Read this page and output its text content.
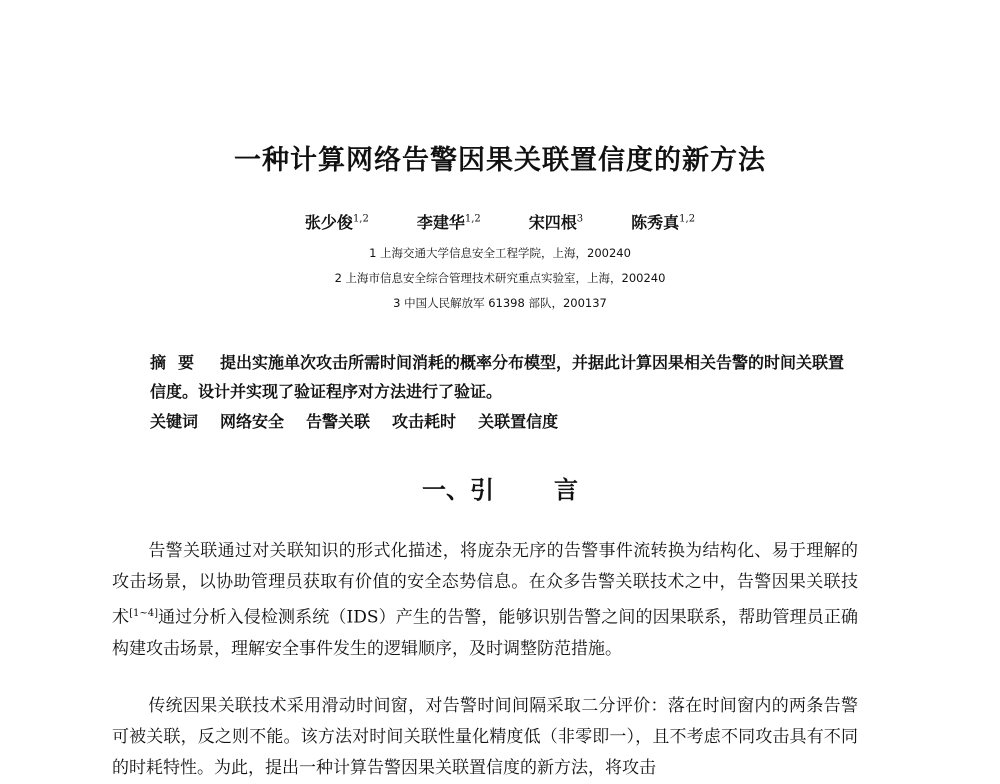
一种计算网络告警因果关联置信度的新方法
张少俊$^{1,2}$	李建华$^{1,2}$	宋四根$^3$	陈秀真$^{1,2}$
1 上海交通大学信息安全工程学院，上海，200240
2 上海市信息安全综合管理技术研究重点实验室，上海，200240
3 中国人民解放军 61398 部队，200137
摘要 提出实施单次攻击所需时间消耗的概率分布模型，并据此计算因果相关告警的时间关联置信度。设计并实现了验证程序对方法进行了验证。
关键词 网络安全 告警关联 攻击耗时 关联置信度
一、引	言
告警关联通过对关联知识的形式化描述，将庞杂无序的告警事件流转换为结构化、易于理解的攻击场景，以协助管理员获取有价值的安全态势信息。在众多告警关联技术之中，告警因果关联技术[1~4]通过分析入侵检测系统（IDS）产生的告警，能够识别告警之间的因果联系，帮助管理员正确构建攻击场景，理解安全事件发生的逻辑顺序，及时调整防范措施。
传统因果关联技术采用滑动时间窗，对告警时间间隔采取二分评价：落在时间窗内的两条告警可被关联，反之则不能。该方法对时间关联性量化精度低（非零即一），且不考虑不同攻击具有不同的时耗特性。为此，提出一种计算告警因果关联置信度的新方法，将攻击
